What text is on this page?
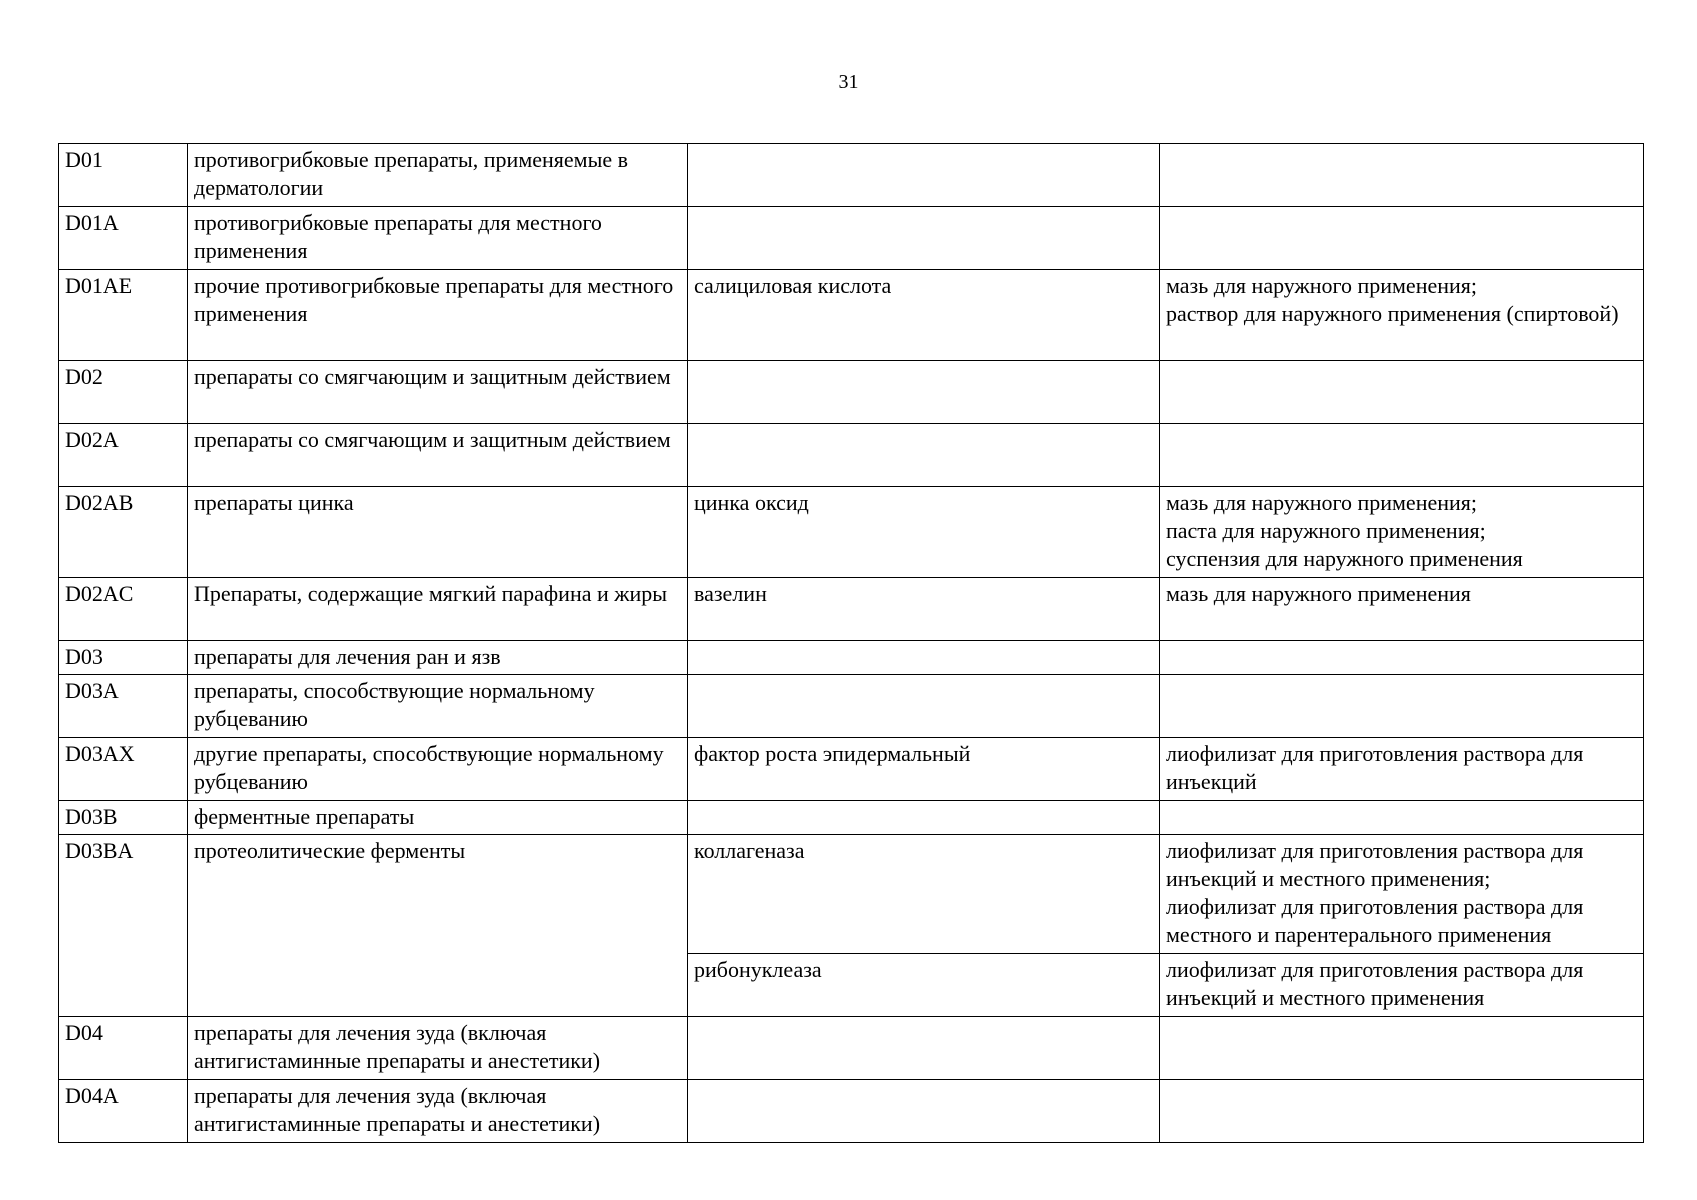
31
D01	противогрибковые препараты, применяемые в дерматологии		
D01A	противогрибковые препараты для местного применения		
D01AE	прочие противогрибковые препараты для местного применения	салициловая кислота	мазь для наружного применения;
раствор для наружного применения (спиртовой)

D02	препараты со смягчающим и защитным действием		
D02A	препараты со смягчающим и защитным действием		
D02AB	препараты цинка	цинка оксид	мазь для наружного применения;
паста для наружного применения;
суспензия для наружного применения

D02AC	Препараты, содержащие мягкий парафина и жиры	вазелин	мазь для наружного применения

D03	препараты для лечения ран и язв		
D03A	препараты, способствующие нормальному рубцеванию		
D03AX	другие препараты, способствующие нормальному рубцеванию	фактор роста эпидермальный	лиофилизат для приготовления раствора для инъекций

D03B	ферментные препараты		
D03BA	протеолитические ферменты	коллагеназа	лиофилизат для приготовления раствора для инъекций и местного применения;
лиофилизат для приготовления раствора для местного и парентерального применения

		рибонуклеаза	лиофилизат для приготовления раствора для инъекций и местного применения

D04	препараты для лечения зуда (включая антигистаминные препараты и анестетики)		
D04A	препараты для лечения зуда (включая антигистаминные препараты и анестетики)		
